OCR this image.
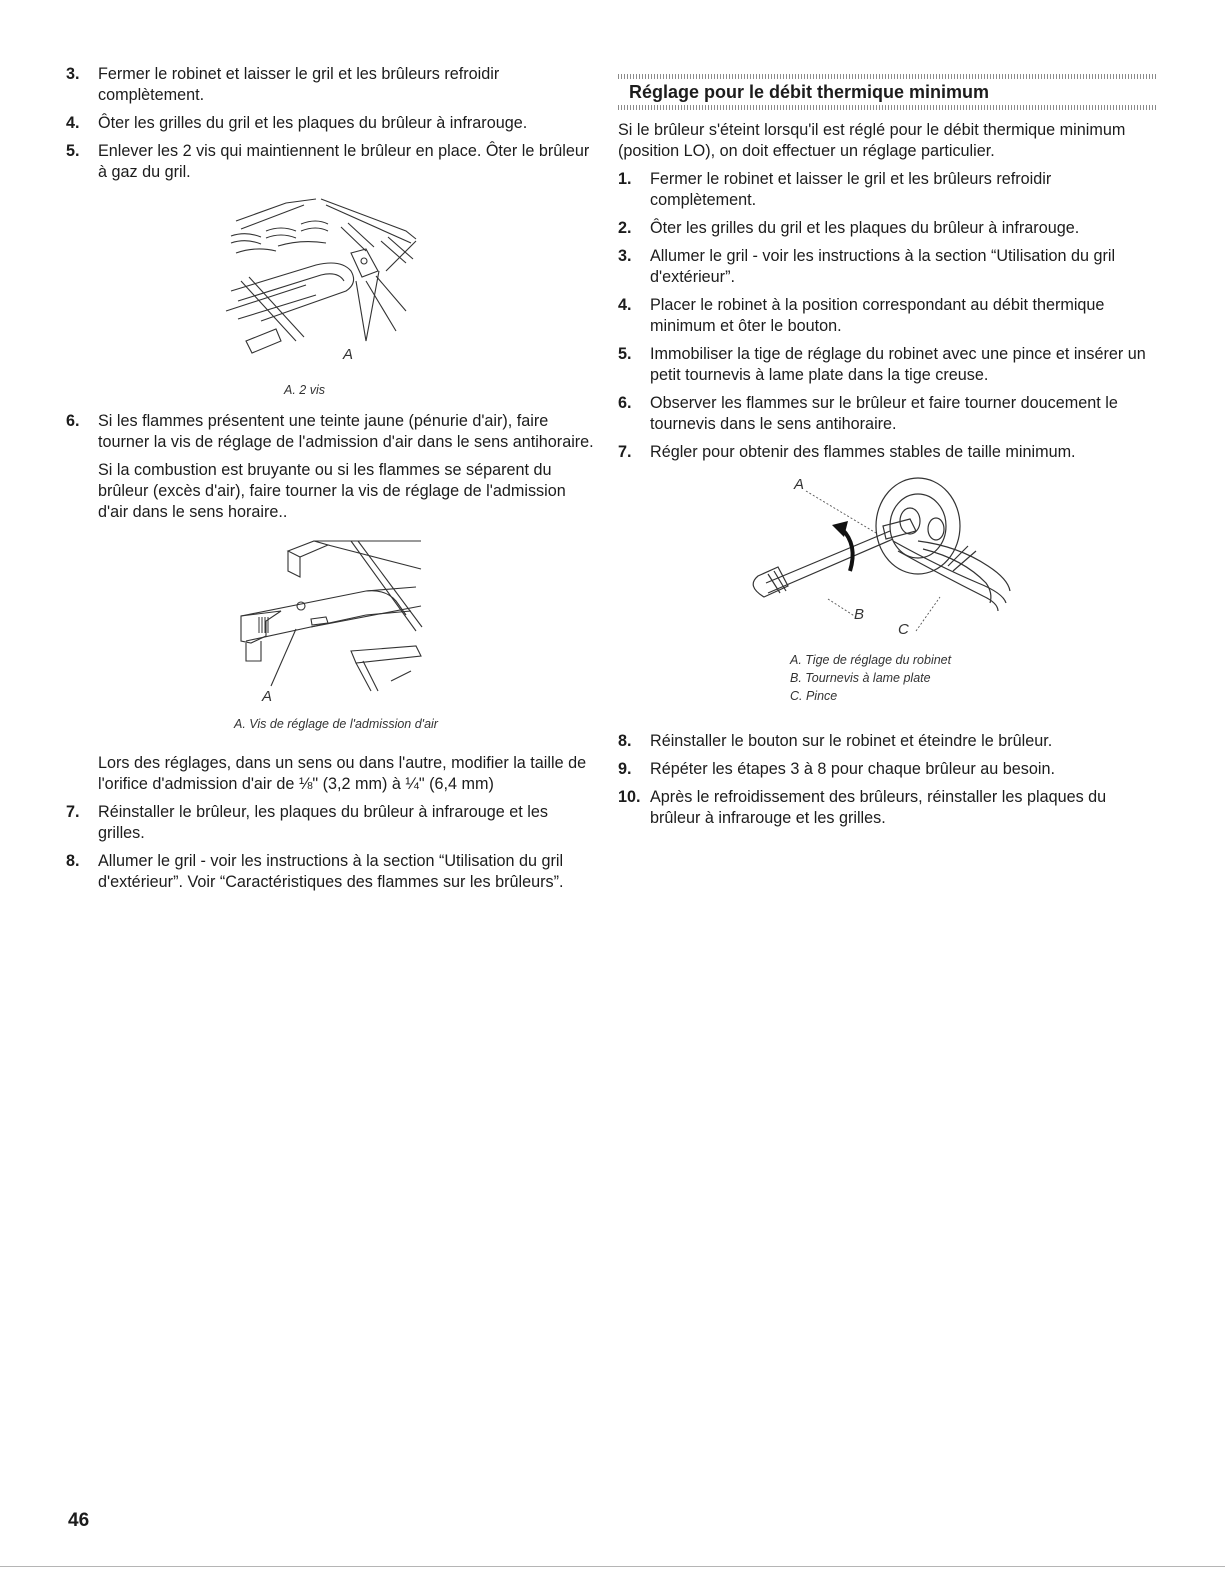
3.	Fermer le robinet et laisser le gril et les brûleurs refroidir complètement.
4.	Ôter les grilles du gril et les plaques du brûleur à infrarouge.
5.	Enlever les 2 vis qui maintiennent le brûleur en place. Ôter le brûleur à gaz du gril.
A
A. 2 vis
6.	Si les flammes présentent une teinte jaune (pénurie d'air), faire tourner la vis de réglage de l'admission d'air dans le sens antihoraire.
Si la combustion est bruyante ou si les flammes se séparent du brûleur (excès d'air), faire tourner la vis de réglage de l'admission d'air dans le sens horaire..
A
A. Vis de réglage de l'admission d'air
Lors des réglages, dans un sens ou dans l'autre, modifier la taille de l'orifice d'admission d'air de ⅛" (3,2 mm) à ¼" (6,4 mm)
7.	Réinstaller le brûleur, les plaques du brûleur à infrarouge et les grilles.
8.	Allumer le gril - voir les instructions à la section “Utilisation du gril d'extérieur”. Voir “Caractéristiques des flammes sur les brûleurs”.
Réglage pour le débit thermique minimum
Si le brûleur s'éteint lorsqu'il est réglé pour le débit thermique minimum (position LO), on doit effectuer un réglage particulier.
1.	Fermer le robinet et laisser le gril et les brûleurs refroidir complètement.
2.	Ôter les grilles du gril et les plaques du brûleur à infrarouge.
3.	Allumer le gril - voir les instructions à la section “Utilisation du gril d'extérieur”.
4.	Placer le robinet à la position correspondant au débit thermique minimum et ôter le bouton.
5.	Immobiliser la tige de réglage du robinet avec une pince et insérer un petit tournevis à lame plate dans la tige creuse.
6.	Observer les flammes sur le brûleur et faire tourner doucement le tournevis dans le sens antihoraire.
7.	Régler pour obtenir des flammes stables de taille minimum.
A
B
C
A. Tige de réglage du robinet
B. Tournevis à lame plate
C. Pince
8.	Réinstaller le bouton sur le robinet et éteindre le brûleur.
9.	Répéter les étapes 3 à 8 pour chaque brûleur au besoin.
10. Après le refroidissement des brûleurs, réinstaller les plaques du brûleur à infrarouge et les grilles.
46
